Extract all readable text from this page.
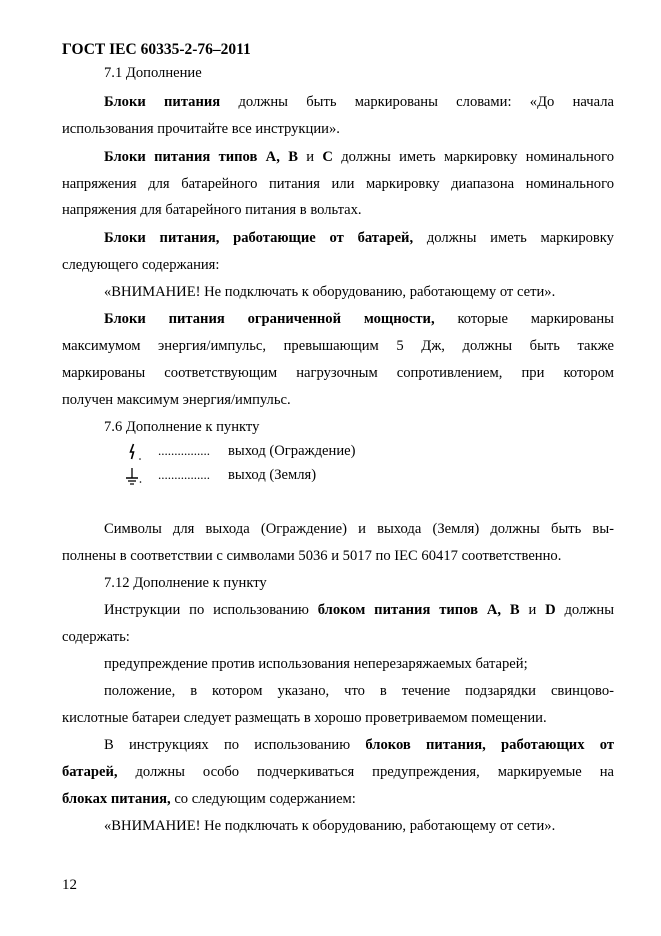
ГОСТ IEC 60335-2-76–2011
7.1 Дополнение
Блоки питания должны быть маркированы словами: «До начала
использования прочитайте все инструкции».
Блоки питания типов A, B и C должны иметь маркировку номинального
напряжения для батарейного питания или маркировку диапазона номинального
напряжения для батарейного питания в вольтах.
Блоки питания, работающие от батарей, должны иметь маркировку
следующего содержания:
«ВНИМАНИЕ! Не подключать к оборудованию, работающему от сети».
Блоки питания ограниченной мощности, которые маркированы
максимумом энергия/импульс, превышающим 5 Дж, должны быть также
маркированы соответствующим нагрузочным сопротивлением, при котором
получен максимум энергия/импульс.
7.6 Дополнение к пункту
................ выход (Ограждение)
................ выход (Земля)
Символы для выхода (Ограждение) и выхода (Земля) должны быть вы-
полнены в соответствии с символами 5036 и 5017 по IEC 60417 соответственно.
7.12 Дополнение к пункту
Инструкции по использованию блоком питания типов A, B и D должны
содержать:
предупреждение против использования неперезаряжаемых батарей;
положение, в котором указано, что в течение подзарядки свинцово-
кислотные батареи следует размещать в хорошо проветриваемом помещении.
В инструкциях по использованию блоков питания, работающих от
батарей, должны особо подчеркиваться предупреждения, маркируемые на
блоках питания, со следующим содержанием:
«ВНИМАНИЕ! Не подключать к оборудованию, работающему от сети».
12
